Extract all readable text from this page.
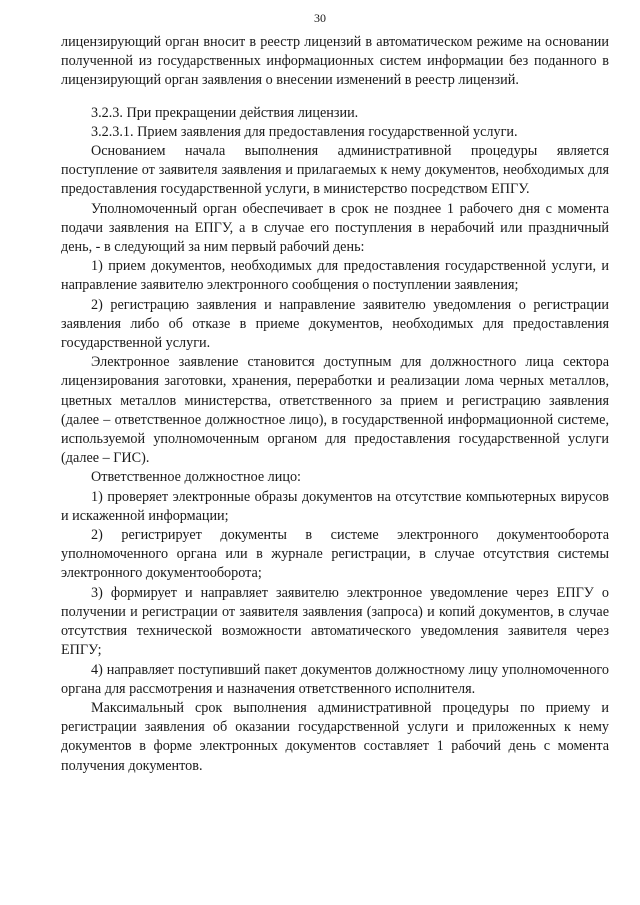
30

лицензирующий орган вносит в реестр лицензий в автоматическом режиме на основании полученной из государственных информационных систем информации без поданного в лицензирующий орган заявления о внесении изменений в реестр лицензий.

3.2.3. При прекращении действия лицензии.

3.2.3.1. Прием заявления для предоставления государственной услуги.

Основанием начала выполнения административной процедуры является поступление от заявителя заявления и прилагаемых к нему документов, необходимых для предоставления государственной услуги, в министерство посредством ЕПГУ.

Уполномоченный орган обеспечивает в срок не позднее 1 рабочего дня с момента подачи заявления на ЕПГУ, а в случае его поступления в нерабочий или праздничный день, - в следующий за ним первый рабочий день:

1) прием документов, необходимых для предоставления государственной услуги, и направление заявителю электронного сообщения о поступлении заявления;

2) регистрацию заявления и направление заявителю уведомления о регистрации заявления либо об отказе в приеме документов, необходимых для предоставления государственной услуги.

Электронное заявление становится доступным для должностного лица сектора лицензирования заготовки, хранения, переработки и реализации лома черных металлов, цветных металлов министерства, ответственного за прием и регистрацию заявления (далее – ответственное должностное лицо), в государственной информационной системе, используемой уполномоченным органом для предоставления государственной услуги (далее – ГИС).

Ответственное должностное лицо:

1) проверяет электронные образы документов на отсутствие компьютерных вирусов и искаженной информации;

2) регистрирует документы в системе электронного документооборота уполномоченного органа или в журнале регистрации, в случае отсутствия системы электронного документооборота;

3) формирует и направляет заявителю электронное уведомление через ЕПГУ о получении и регистрации от заявителя заявления (запроса) и копий документов, в случае отсутствия технической возможности автоматического уведомления заявителя через ЕПГУ;

4) направляет поступивший пакет документов должностному лицу уполномоченного органа для рассмотрения и назначения ответственного исполнителя.

Максимальный срок выполнения административной процедуры по приему и регистрации заявления об оказании государственной услуги и приложенных к нему документов в форме электронных документов составляет 1 рабочий день с момента получения документов.
